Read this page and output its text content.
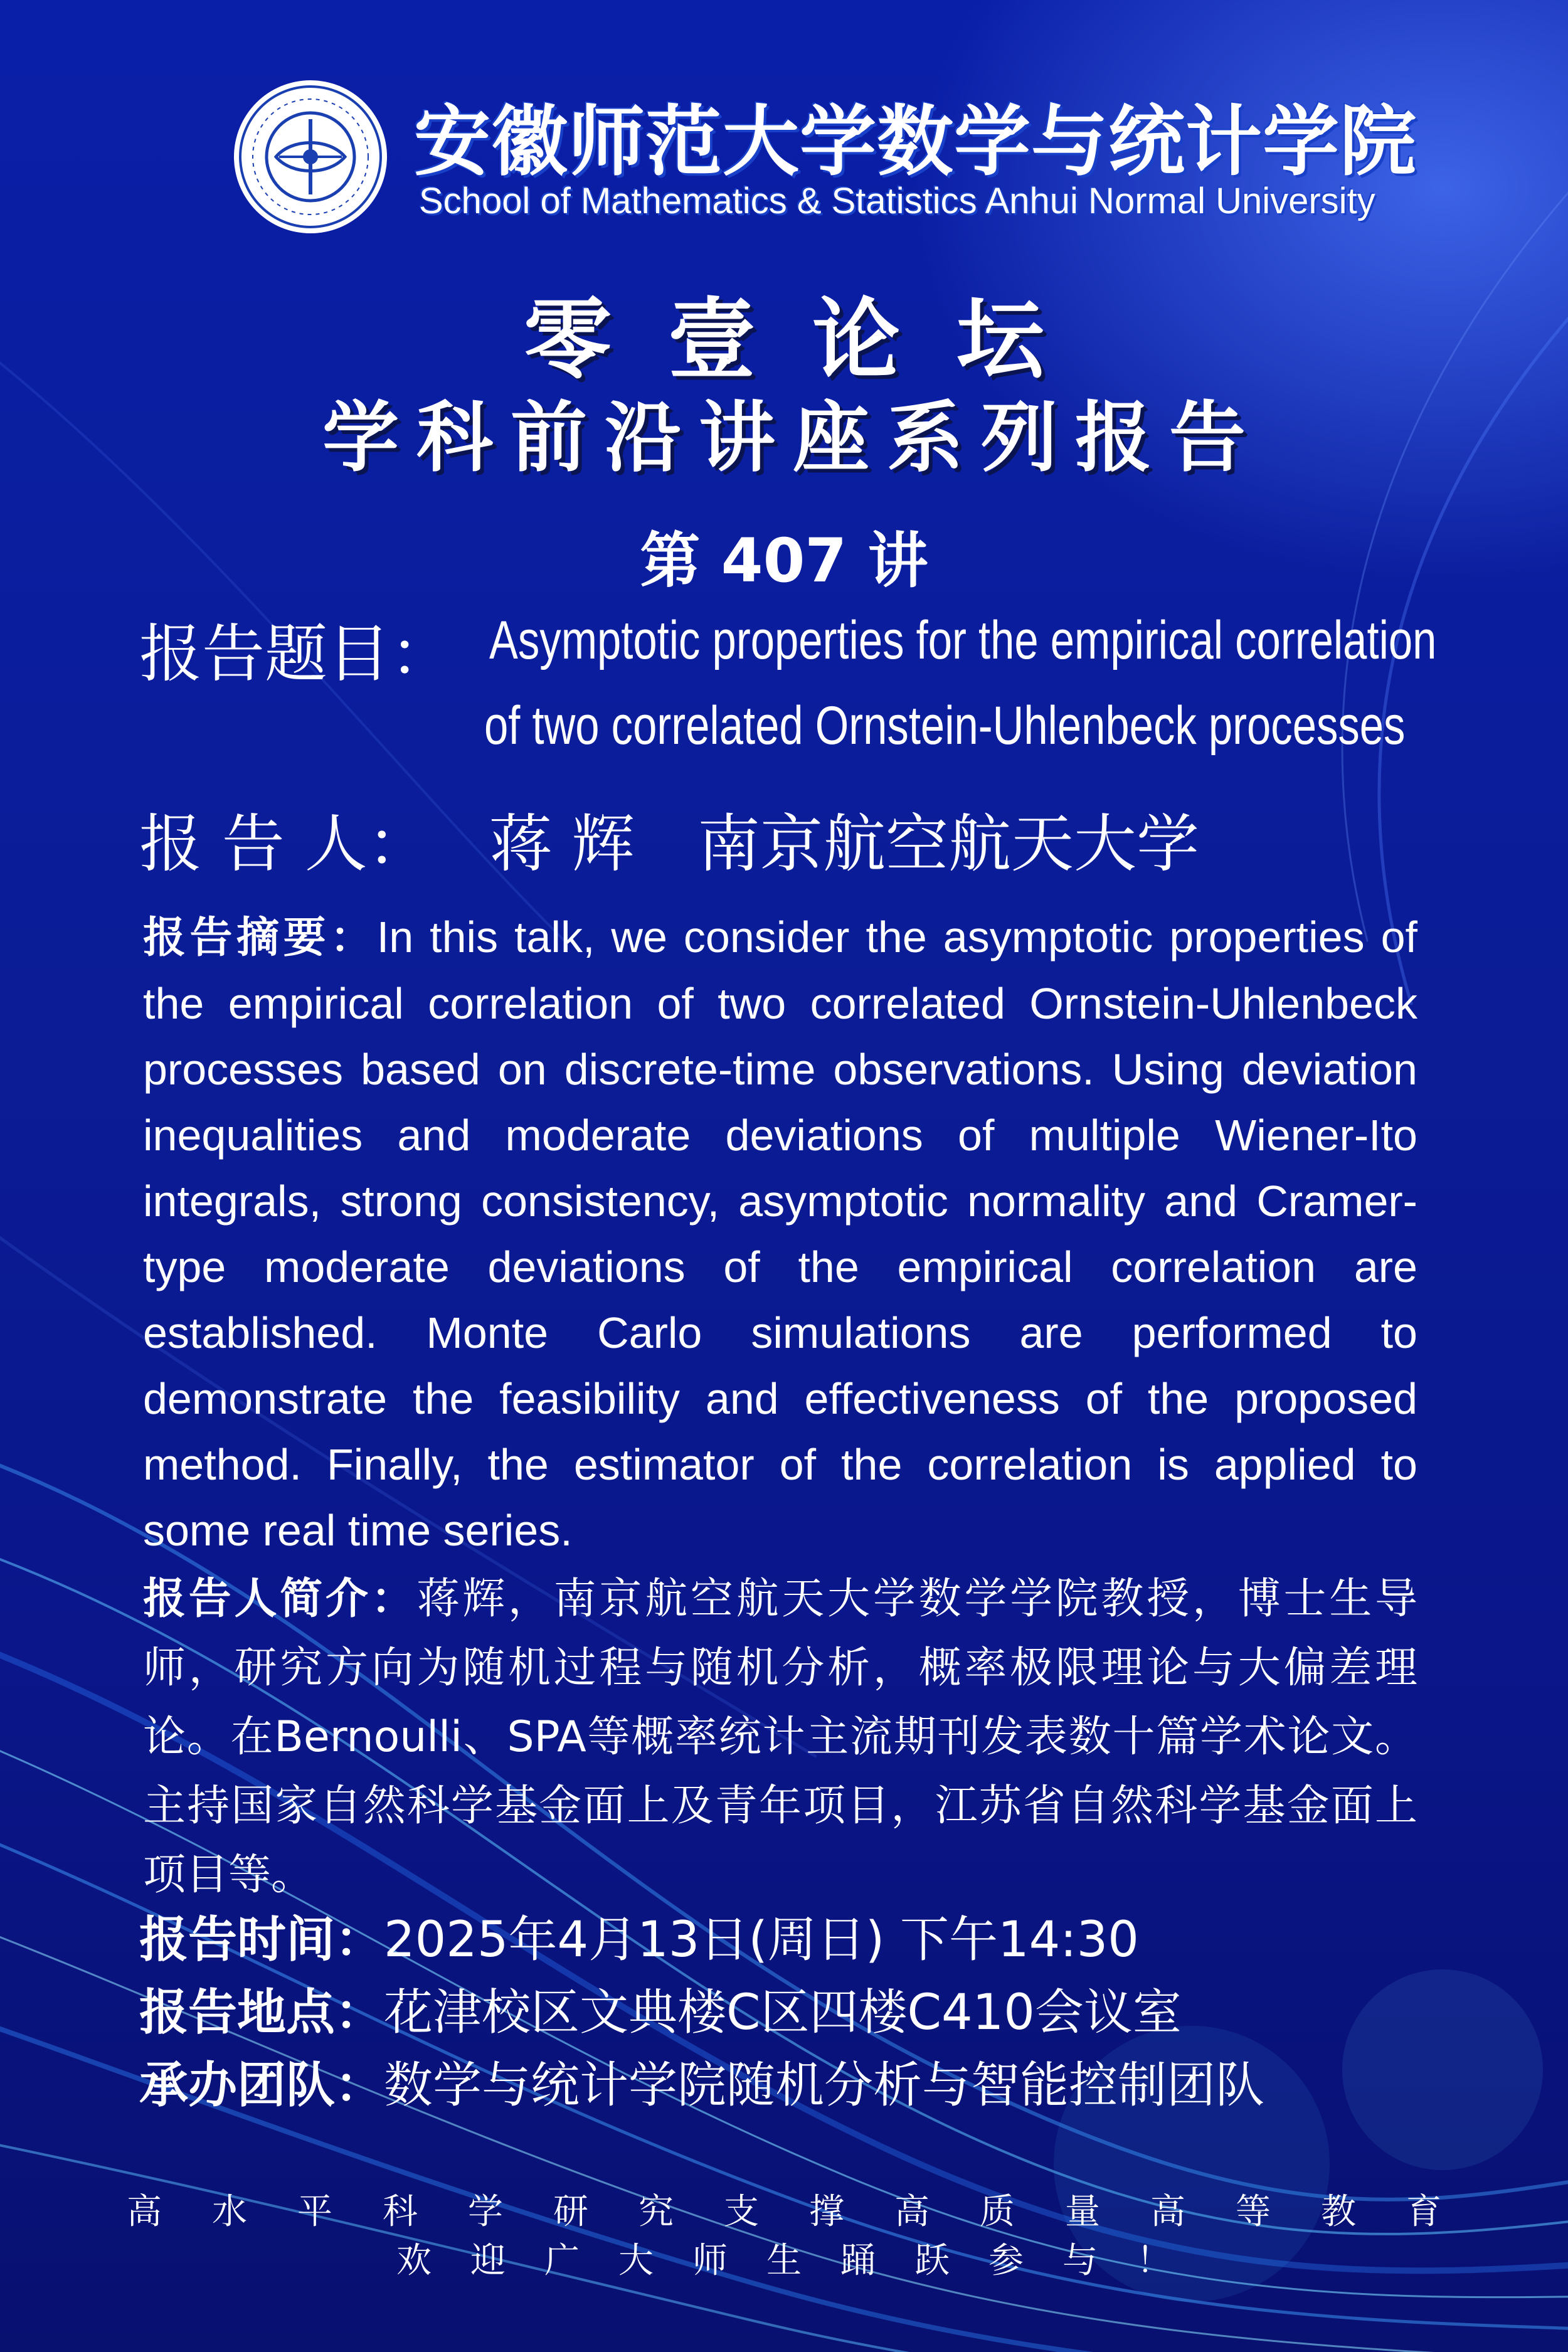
安徽师范大学数学与统计学院
School of Mathematics & Statistics Anhui Normal University
零壹论坛
学科前沿讲座系列报告
第 407 讲
报告题目： Asymptotic properties for the empirical correlation
of two correlated Ornstein-Uhlenbeck processes
报 告 人： 蒋 辉 南京航空航天大学
报告摘要：In this talk, we consider the asymptotic properties of the empirical correlation of two correlated Ornstein-Uhlenbeck processes based on discrete-time observations. Using deviation inequalities and moderate deviations of multiple Wiener-Ito integrals, strong consistency, asymptotic normality and Cramer-type moderate deviations of the empirical correlation are established. Monte Carlo simulations are performed to demonstrate the feasibility and effectiveness of the proposed method. Finally, the estimator of the correlation is applied to some real time series.
报告人简介：蒋辉，南京航空航天大学数学学院教授，博士生导师，研究方向为随机过程与随机分析，概率极限理论与大偏差理论。在Bernoulli、SPA等概率统计主流期刊发表数十篇学术论文。主持国家自然科学基金面上及青年项目，江苏省自然科学基金面上项目等。
报告时间：2025年4月13日(周日) 下午14:30
报告地点：花津校区文典楼C区四楼C410会议室
承办团队：数学与统计学院随机分析与智能控制团队
高水平科学研究支撑高质量高等教育
欢迎广大师生踊跃参与！
